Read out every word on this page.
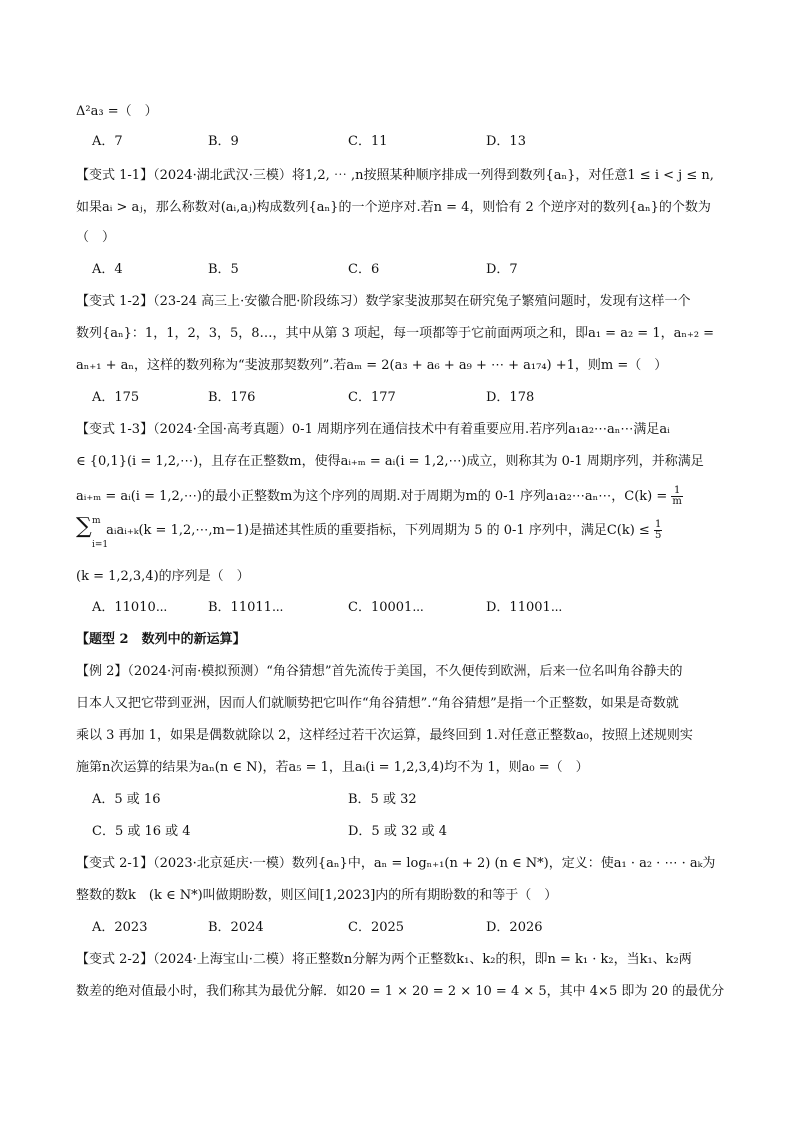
Δ²a₃ =（　）
A．7	B．9	C．11	D．13
【变式 1-1】（2024·湖北武汉·三模）将1,2, ⋯ ,n按照某种顺序排成一列得到数列{aₙ}，对任意1 ≤ i < j ≤ n,
如果aᵢ > aⱼ，那么称数对(aᵢ,aⱼ)构成数列{aₙ}的一个逆序对.若n = 4，则恰有 2 个逆序对的数列{aₙ}的个数为
（　）
A．4	B．5	C．6	D．7
【变式 1-2】（23-24 高三上·安徽合肥·阶段练习）数学家斐波那契在研究兔子繁殖问题时，发现有这样一个
数列{aₙ}：1，1，2，3，5，8…，其中从第 3 项起，每一项都等于它前面两项之和，即a₁ = a₂ = 1，aₙ₊₂ =
aₙ₊₁ + aₙ，这样的数列称为“斐波那契数列”.若aₘ = 2(a₃ + a₆ + a₉ + ⋯ + a₁₇₄) +1，则m =（　）
A．175	B．176	C．177	D．178
【变式 1-3】（2024·全国·高考真题）0-1 周期序列在通信技术中有着重要应用.若序列a₁a₂⋯aₙ⋯满足aᵢ
∈ {0,1}(i = 1,2,⋯)，且存在正整数m，使得aᵢ₊ₘ = aᵢ(i = 1,2,⋯)成立，则称其为 0-1 周期序列，并称满足
aᵢ₊ₘ = aᵢ(i = 1,2,⋯)的最小正整数m为这个序列的周期.对于周期为m的 0-1 序列a₁a₂⋯aₙ⋯，$C(k) = \frac{1}{m}$
m
∑
i=1
aᵢaᵢ₊ₖ(k = 1,2,⋯,m−1)是描述其性质的重要指标，下列周期为 5 的 0-1 序列中，满足$C(k) \le \frac{1}{5}$
(k = 1,2,3,4)的序列是（　）
A．11010⋯	B．11011⋯	C．10001⋯	D．11001⋯
【题型 2　数列中的新运算】
【例 2】（2024·河南·模拟预测）“角谷猜想”首先流传于美国，不久便传到欧洲，后来一位名叫角谷静夫的
日本人又把它带到亚洲，因而人们就顺势把它叫作“角谷猜想”.“角谷猜想”是指一个正整数，如果是奇数就
乘以 3 再加 1，如果是偶数就除以 2，这样经过若干次运算，最终回到 1.对任意正整数a₀，按照上述规则实
施第n次运算的结果为aₙ(n ∈ N)，若a₅ = 1，且aᵢ(i = 1,2,3,4)均不为 1，则a₀ =（　）
A．5 或 16	B．5 或 32
C．5 或 16 或 4	D．5 或 32 或 4
【变式 2-1】（2023·北京延庆·一模）数列{aₙ}中，aₙ = logₙ₊₁(n + 2) (n ∈ N*)，定义：使a₁ · a₂ · ⋯ · aₖ为
整数的数k　(k ∈ N*)叫做期盼数，则区间[1,2023]内的所有期盼数的和等于（　）
A．2023	B．2024	C．2025	D．2026
【变式 2-2】（2024·上海宝山·二模）将正整数n分解为两个正整数k₁、k₂的积，即n = k₁ · k₂，当k₁、k₂两
数差的绝对值最小时，我们称其为最优分解．如20 = 1 × 20 = 2 × 10 = 4 × 5，其中 4×5 即为 20 的最优分
